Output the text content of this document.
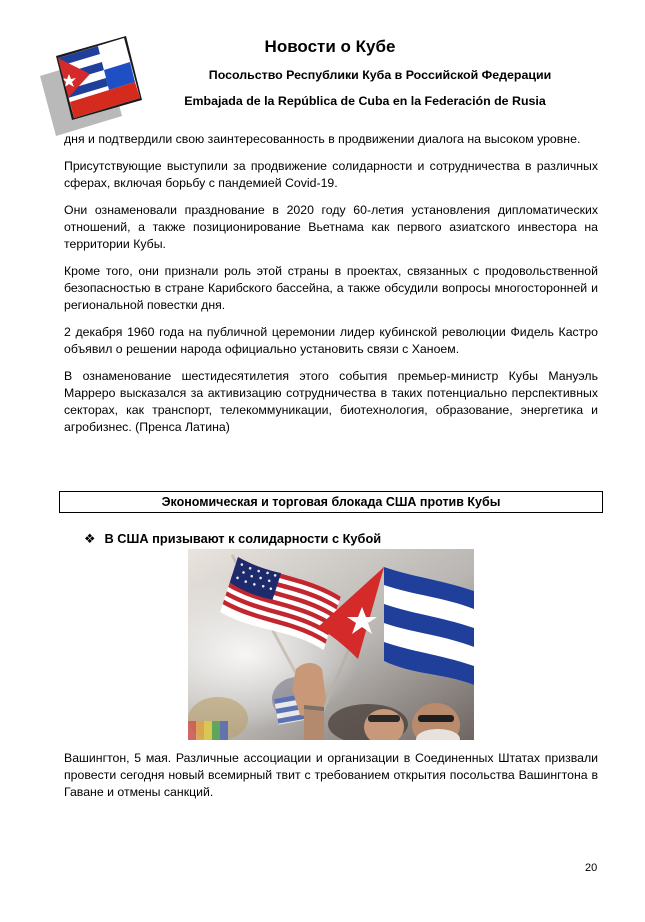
Новости о Кубе
Посольство Республики Куба в Российской Федерации
Embajada de la República de Cuba en la Federación de Rusia

дня и подтвердили свою заинтересованность в продвижении диалога на высоком уровне.

Присутствующие выступили за продвижение солидарности и сотрудничества в различных сферах, включая борьбу с пандемией Covid-19.

Они ознаменовали празднование в 2020 году 60-летия установления дипломатических отношений, а также позиционирование Вьетнама как первого азиатского инвестора на территории Кубы.

Кроме того, они признали роль этой страны в проектах, связанных с продовольственной безопасностью в стране Карибского бассейна, а также обсудили вопросы многосторонней и региональной повестки дня.

2 декабря 1960 года на публичной церемонии лидер кубинской революции Фидель Кастро объявил о решении народа официально установить связи с Ханоем.

В ознаменование шестидесятилетия этого события премьер-министр Кубы Мануэль Марреро высказался за активизацию сотрудничества в таких потенциально перспективных секторах, как транспорт, телекоммуникации, биотехнология, образование, энергетика и агробизнес. (Пренса Латина)

Экономическая и торговая блокада США против Кубы
❖ В США призывают к солидарности с Кубой

Вашингтон, 5 мая. Различные ассоциации и организации в Соединенных Штатах призвали провести сегодня новый всемирный твит с требованием открытия посольства Вашингтона в Гаване и отмены санкций.

20
